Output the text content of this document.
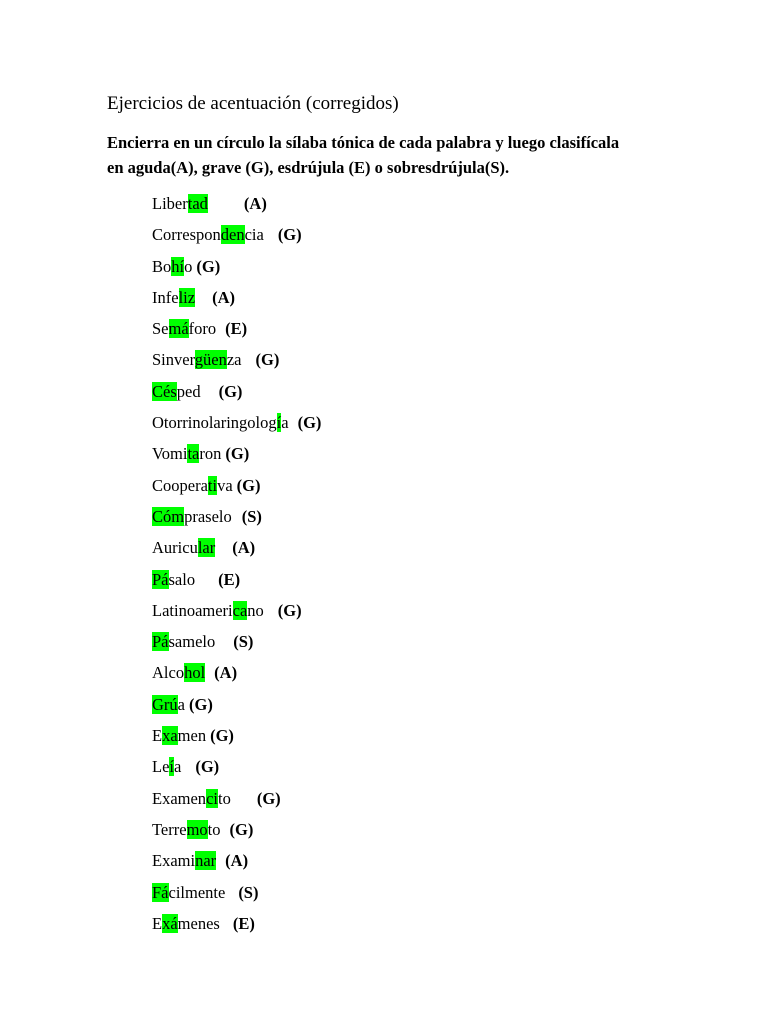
Ejercicios de acentuación (corregidos)
Encierra en un círculo la sílaba tónica de cada palabra y luego clasifícala
en aguda(A), grave (G), esdrújula (E) o sobresdrújula(S).
Libertad (A)
Correspondencia (G)
Bohío (G)
Infeliz (A)
Semáforo (E)
Sinvergüenza (G)
Césped (G)
Otorrinolaringología (G)
Vomitaron (G)
Cooperativa (G)
Cómpraselo (S)
Auricular (A)
Pásalo (E)
Latinoamericano (G)
Pásamelo (S)
Alcohol (A)
Grúa (G)
Examen (G)
Leía (G)
Examencito (G)
Terremoto (G)
Examinar (A)
Fácilmente (S)
Exámenes (E)
